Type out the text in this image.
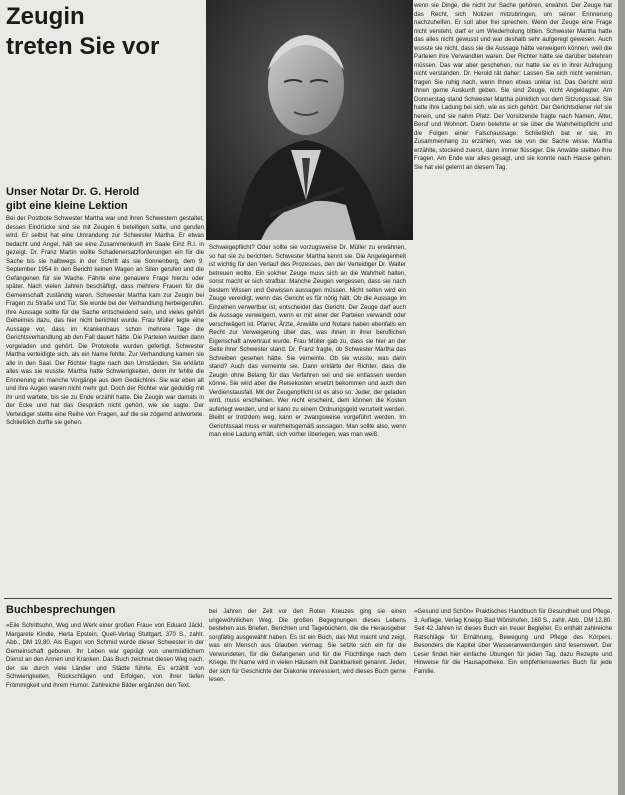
Zeugin
treten Sie vor
Unser Notar Dr. G. Herold
gibt eine kleine Lektion
Bei der Postbote Schwester Martha war und ihren Schwestern gestaltet, dessen Eindrücke sind sie mit Zeugen 6 beteiligen sollte, und gerufen wird. Er selbst hat eine Umrandung zur Schwester Martha. Er etwas bedacht und Angel, hält sie eine Zusammenkunft im Saale Einz R.I. in gezeigt. Dr. Franz Martin wollte Schadenersatzforderungen ein für die Sache bis sie halbwegs in der Schrift als sie Sonnenberg, dem 9. September 1954 in den Bericht keinen Wagen an Silen gerufen und die Gefangenen für sie Wache. Fährte eine genauere Frage hierzu oder später. Nach vielen Jahren beschäftigt, dass mehrere Frauen für die Gemeinschaft zuständig waren. Schwester Martha kam zur Zeugin bei Fragen zu Straße und Tür. Sie wurde bei der Verhandlung herbeigerufen. Ihre Aussage sollte für die Sache entscheidend sein, und vieles gehört Geheimes dazu, das hier nicht berichtet wurde. Frau Müller legte eine Aussage vor, dass im Krankenhaus schon mehrere Tage die Gerichtsverhandlung ab den Fall dauert hätte. Die Parteien wurden dann vorgeladen und gehört. Die Protokolle wurden gefertigt. Schwester Martha verteidigte sich, als ein Name fehlte. Zur Verhandlung kamen sie alle in den Saal. Der Richter fragte nach den Umständen. Sie erklärte alles was sie wusste. Martha hatte Schwierigkeiten, denn ihr fehlte die Erinnerung an manche Vorgänge aus dem Gedächtnis. Sie war eben alt und ihre Augen waren nicht mehr gut. Doch der Richter war geduldig mit ihr und wartete, bis sie zu Ende erzählt hatte. Die Zeugin war damals in der Ecke und hat das Gespräch nicht gehört, wie sie sagte. Der Verteidiger stellte eine Reihe von Fragen, auf die sie zögernd antwortete. Schließlich durfte sie gehen.
Schweigepflicht? Oder sollte sie vorzugsweise Dr. Müller zu erwähnen, so hat sie zu berichten. Schwester Martha kennt sie. Die Angelegenheit ist wichtig für den Verlauf des Prozesses, den der Verteidiger Dr. Walter betreuen wollte. Ein solcher Zeuge muss sich an die Wahrheit halten, sonst macht er sich strafbar. Manche Zeugen vergessen, dass sie nach bestem Wissen und Gewissen aussagen müssen. Nicht selten wird ein Zeuge vereidigt, wenn das Gericht es für nötig hält. Ob die Aussage im Einzelnen verwertbar ist, entscheidet das Gericht. Der Zeuge darf auch die Aussage verweigern, wenn er mit einer der Parteien verwandt oder verschwägert ist. Pfarrer, Ärzte, Anwälte und Notare haben ebenfalls ein Recht zur Verweigerung über das, was ihnen in ihrer beruflichen Eigenschaft anvertraut wurde. Frau Müller gab zu, dass sie hier an der Seite ihrer Schwester stand. Dr. Franz fragte, ob Schwester Martha das Schreiben gesehen hätte. Sie verneinte. Ob sie wusste, was darin stand? Auch das verneinte sie. Dann erklärte der Richter, dass die Zeugin ohne Belang für das Verfahren sei und sie entlassen werden könne. Sie wird aber die Reisekosten ersetzt bekommen und auch den Verdienstausfall. Mit der Zeugenpflicht ist es also so: Jeder, der geladen wird, muss erscheinen. Wer nicht erscheint, dem können die Kosten auferlegt werden, und er kann zu einem Ordnungsgeld verurteilt werden. Bleibt er trotzdem weg, kann er zwangsweise vorgeführt werden. Im Gerichtssaal muss er wahrheitsgemäß aussagen. Man sollte also, wenn man eine Ladung erhält, sich vorher überlegen, was man weiß.
wenn sie Dinge, die nicht zur Sache gehören, erwähnt. Der Zeuge hat das Recht, sich Notizen mitzubringen, um seiner Erinnerung nachzuhelfen. Er soll aber frei sprechen. Wenn der Zeuge eine Frage nicht versteht, darf er um Wiederholung bitten. Schwester Martha hatte das alles nicht gewusst und war deshalb sehr aufgeregt gewesen. Auch wusste sie nicht, dass sie die Aussage hätte verweigern können, weil die Parteien ihre Verwandten waren. Der Richter hätte sie darüber belehren müssen. Das war aber geschehen, nur hatte sie es in ihrer Aufregung nicht verstanden. Dr. Herold rät daher: Lassen Sie sich nicht verwirren, fragen Sie ruhig nach, wenn Ihnen etwas unklar ist. Das Gericht wird Ihnen gerne Auskunft geben. Sie sind Zeuge, nicht Angeklagter. Am Donnerstag stand Schwester Martha pünktlich vor dem Sitzungssaal. Sie hatte ihre Ladung bei sich, wie es sich gehört. Der Gerichtsdiener rief sie herein, und sie nahm Platz. Der Vorsitzende fragte nach Namen, Alter, Beruf und Wohnort. Dann belehrte er sie über die Wahrheitspflicht und die Folgen einer Falschaussage. Schließlich bat er sie, im Zusammenhang zu erzählen, was sie von der Sache wisse. Martha erzählte, stockend zuerst, dann immer flüssiger. Die Anwälte stellten ihre Fragen. Am Ende war alles gesagt, und sie konnte nach Hause gehen. Sie hat viel gelernt an diesem Tag.
Buchbesprechungen
»Eile Schrittsohn, Weg und Werk einer großen Frau« von Eduard Jäckl, Margarete Kindle, Herta Epstein, Quell-Verlag Stuttgart, 370 S., zahlr. Abb., DM 19,80. Als Eugen von Schmid wurde dieser Schwester in der Gemeinschaft geboren. Ihr Leben war geprägt von unermüdlichem Dienst an den Armen und Kranken. Das Buch zeichnet diesen Weg nach, der sie durch viele Länder und Städte führte. Es erzählt von Schwierigkeiten, Rückschlägen und Erfolgen, von ihrer tiefen Frömmigkeit und ihrem Humor. Zahlreiche Bilder ergänzen den Text.
bei Jahren der Zeit vor den Roten Kreuzes ging sie einen ungewöhnlichen Weg. Die großen Begegnungen dieses Lebens bestehen aus Briefen, Berichten und Tagebüchern, die die Herausgeber sorgfältig ausgewählt haben. Es ist ein Buch, das Mut macht und zeigt, was ein Mensch aus Glauben vermag. Sie setzte sich ein für die Verwundeten, für die Gefangenen und für die Flüchtlinge nach dem Kriege. Ihr Name wird in vielen Häusern mit Dankbarkeit genannt. Jeder, der sich für Geschichte der Diakonie interessiert, wird dieses Buch gerne lesen.
»Gesund und Schön« Praktisches Handbuch für Gesundheit und Pflege, 3. Auflage, Verlag Kneipp Bad Wörishofen, 160 S., zahlr. Abb., DM 12,80. Seit 42 Jahren ist dieses Buch ein treuer Begleiter. Es enthält zahlreiche Ratschläge für Ernährung, Bewegung und Pflege des Körpers. Besonders die Kapitel über Wasseranwendungen sind lesenswert. Der Leser findet hier einfache Übungen für jeden Tag, dazu Rezepte und Hinweise für die Hausapotheke. Ein empfehlenswertes Buch für jede Familie.
